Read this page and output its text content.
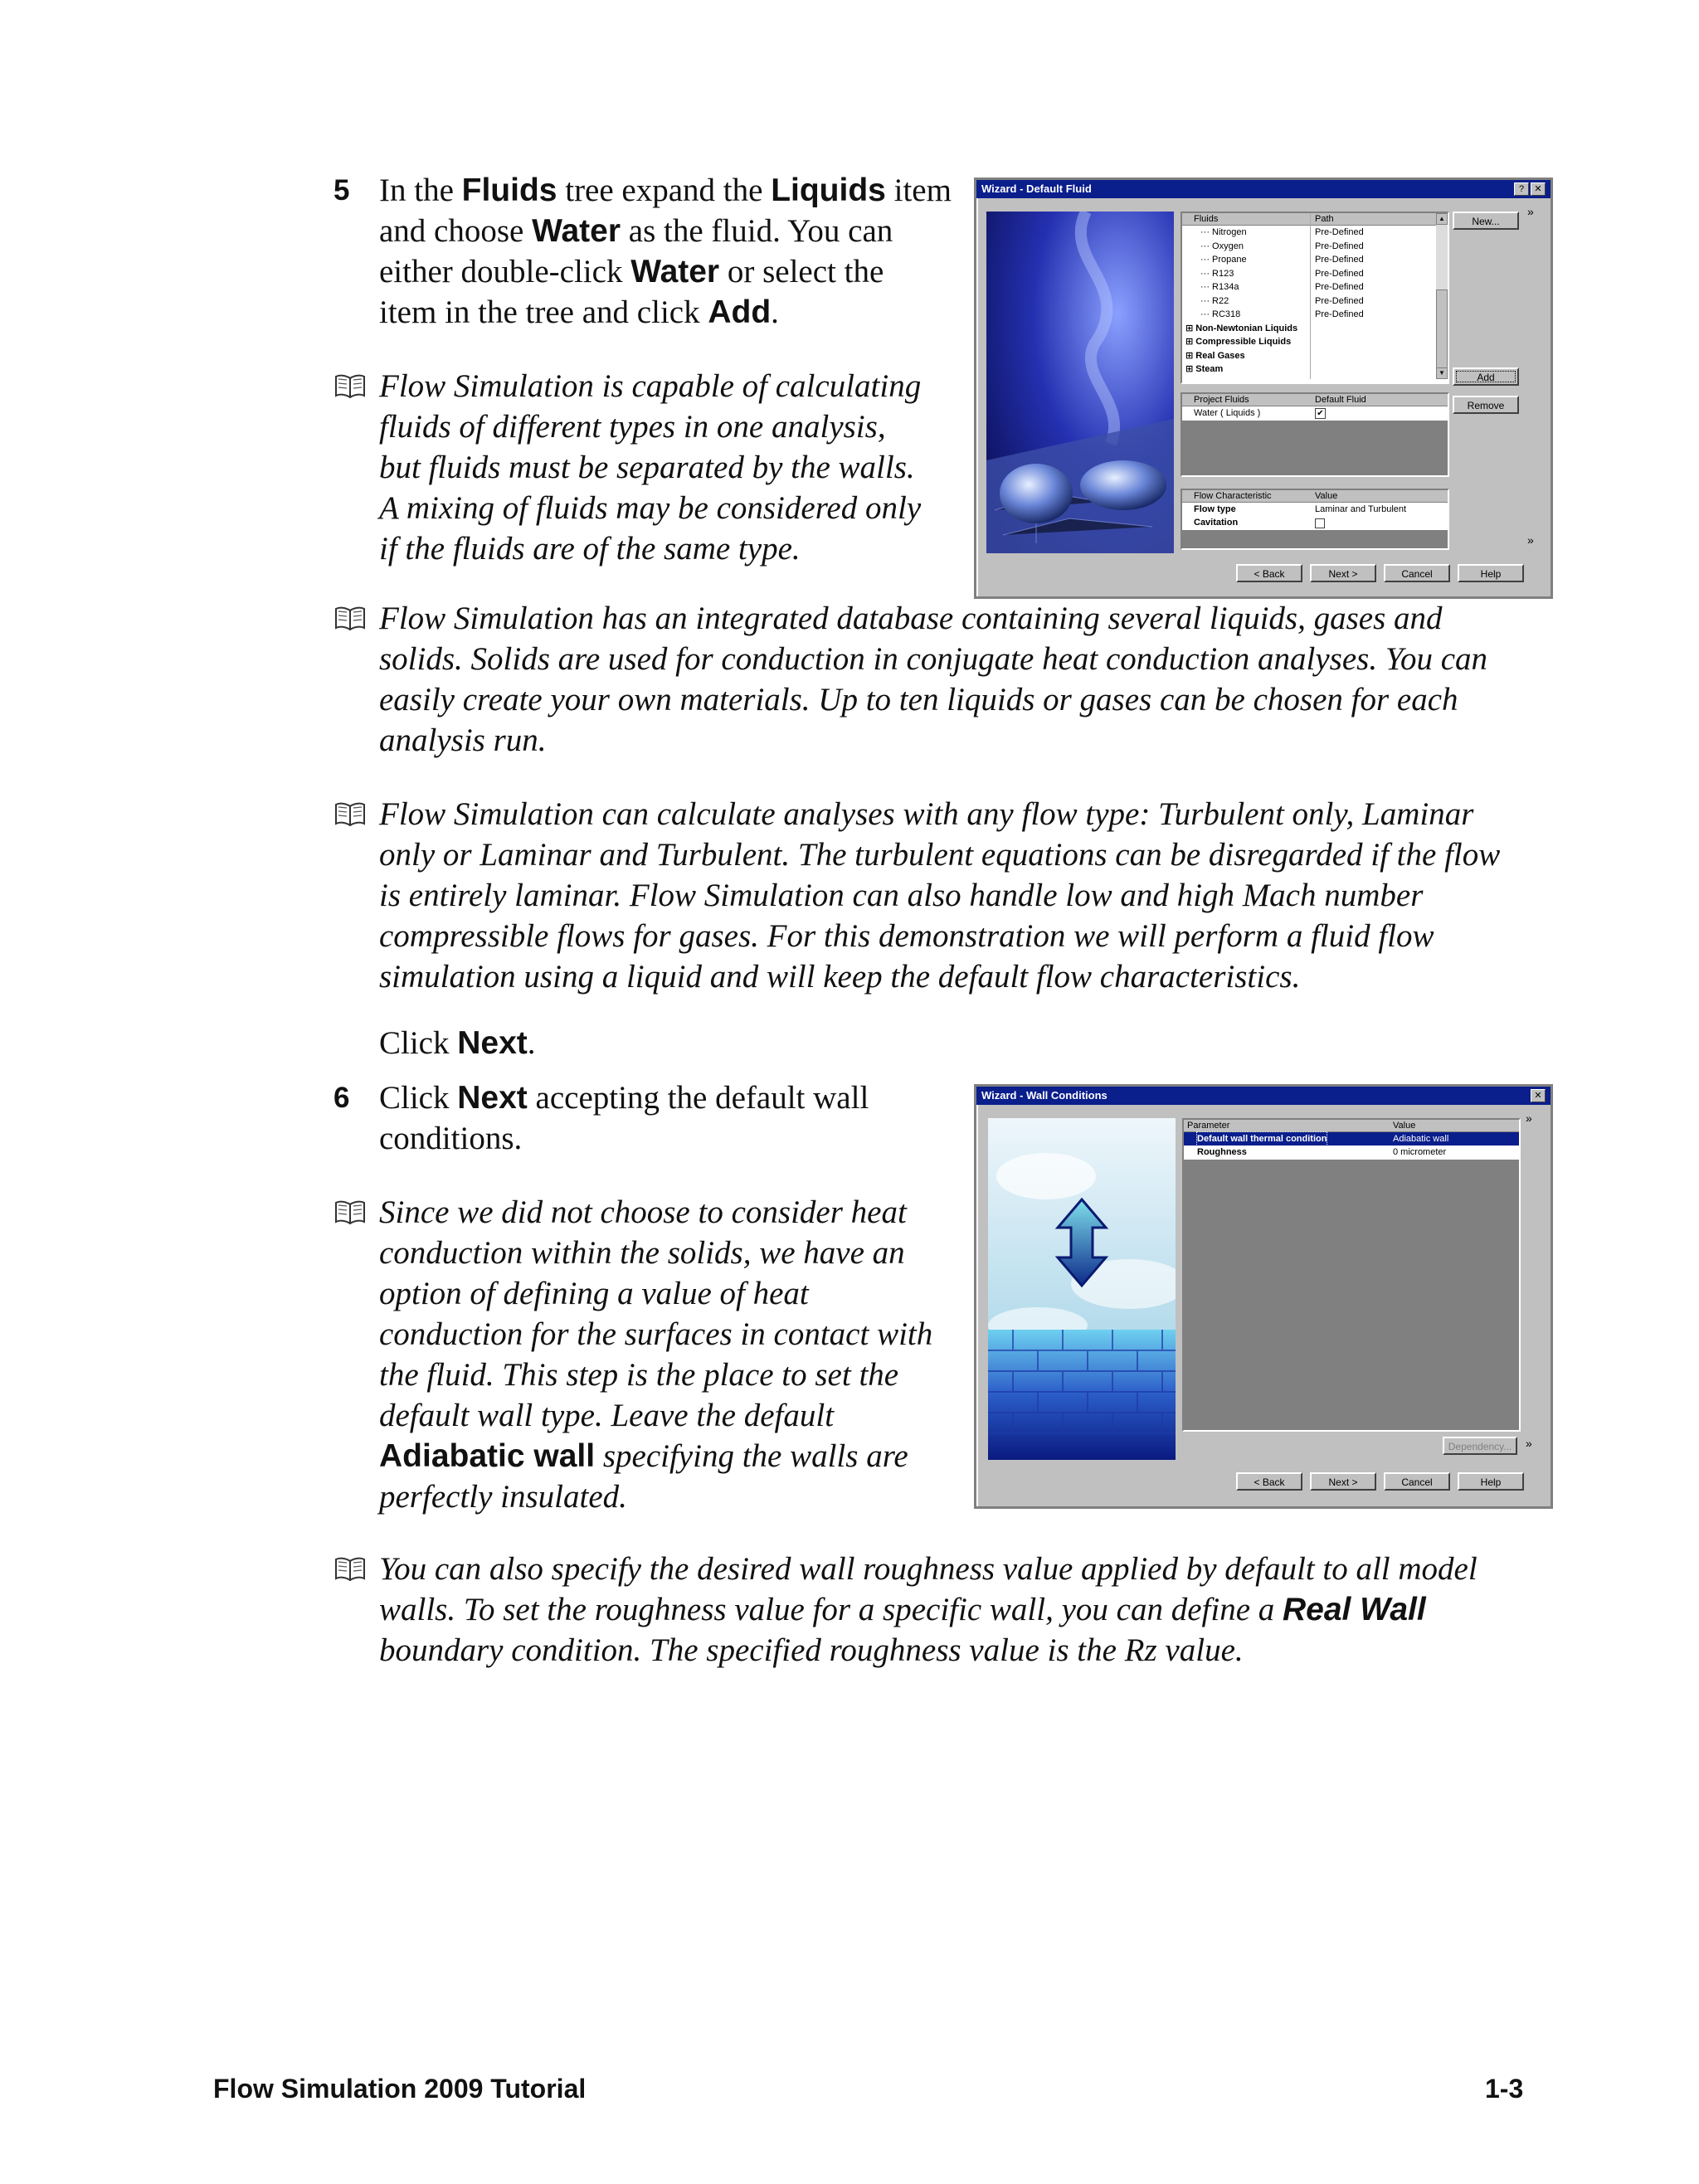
5 In the Fluids tree expand the Liquids item
and choose Water as the fluid. You can
either double-click Water or select the
item in the tree and click Add.
Flow Simulation is capable of calculating
fluids of different types in one analysis,
but fluids must be separated by the walls.
A mixing of fluids may be considered only
if the fluids are of the same type.
Wizard - Default Fluid	?	✕
Fluids	Path
··· Nitrogen	Pre-Defined
··· Oxygen	Pre-Defined
··· Propane	Pre-Defined
··· R123	Pre-Defined
··· R134a	Pre-Defined
··· R22	Pre-Defined
··· RC318	Pre-Defined
⊞ Non-Newtonian Liquids
⊞ Compressible Liquids
⊞ Real Gases
⊞ Steam
▲
▼
Project Fluids	Default Fluid
Water ( Liquids )	✔
Flow Characteristic	Value
Flow type	Laminar and Turbulent
Cavitation
New...
Add
Remove
»
»
< Back	Next >	Cancel	Help
Flow Simulation has an integrated database containing several liquids, gases and
solids. Solids are used for conduction in conjugate heat conduction analyses. You can
easily create your own materials. Up to ten liquids or gases can be chosen for each
analysis run.
Flow Simulation can calculate analyses with any flow type: Turbulent only, Laminar
only or Laminar and Turbulent. The turbulent equations can be disregarded if the flow
is entirely laminar. Flow Simulation can also handle low and high Mach number
compressible flows for gases. For this demonstration we will perform a fluid flow
simulation using a liquid and will keep the default flow characteristics.
Click Next.
6 Click Next accepting the default wall
conditions.
Since we did not choose to consider heat
conduction within the solids, we have an
option of defining a value of heat
conduction for the surfaces in contact with
the fluid. This step is the place to set the
default wall type. Leave the default
Adiabatic wall specifying the walls are
perfectly insulated.
Wizard - Wall Conditions	✕
Parameter	Value
Default wall thermal condition	Adiabatic wall
Roughness	0 micrometer
Dependency...
»
»
< Back	Next >	Cancel	Help
You can also specify the desired wall roughness value applied by default to all model
walls. To set the roughness value for a specific wall, you can define a Real Wall
boundary condition. The specified roughness value is the Rz value.
Flow Simulation 2009 Tutorial	1-3
